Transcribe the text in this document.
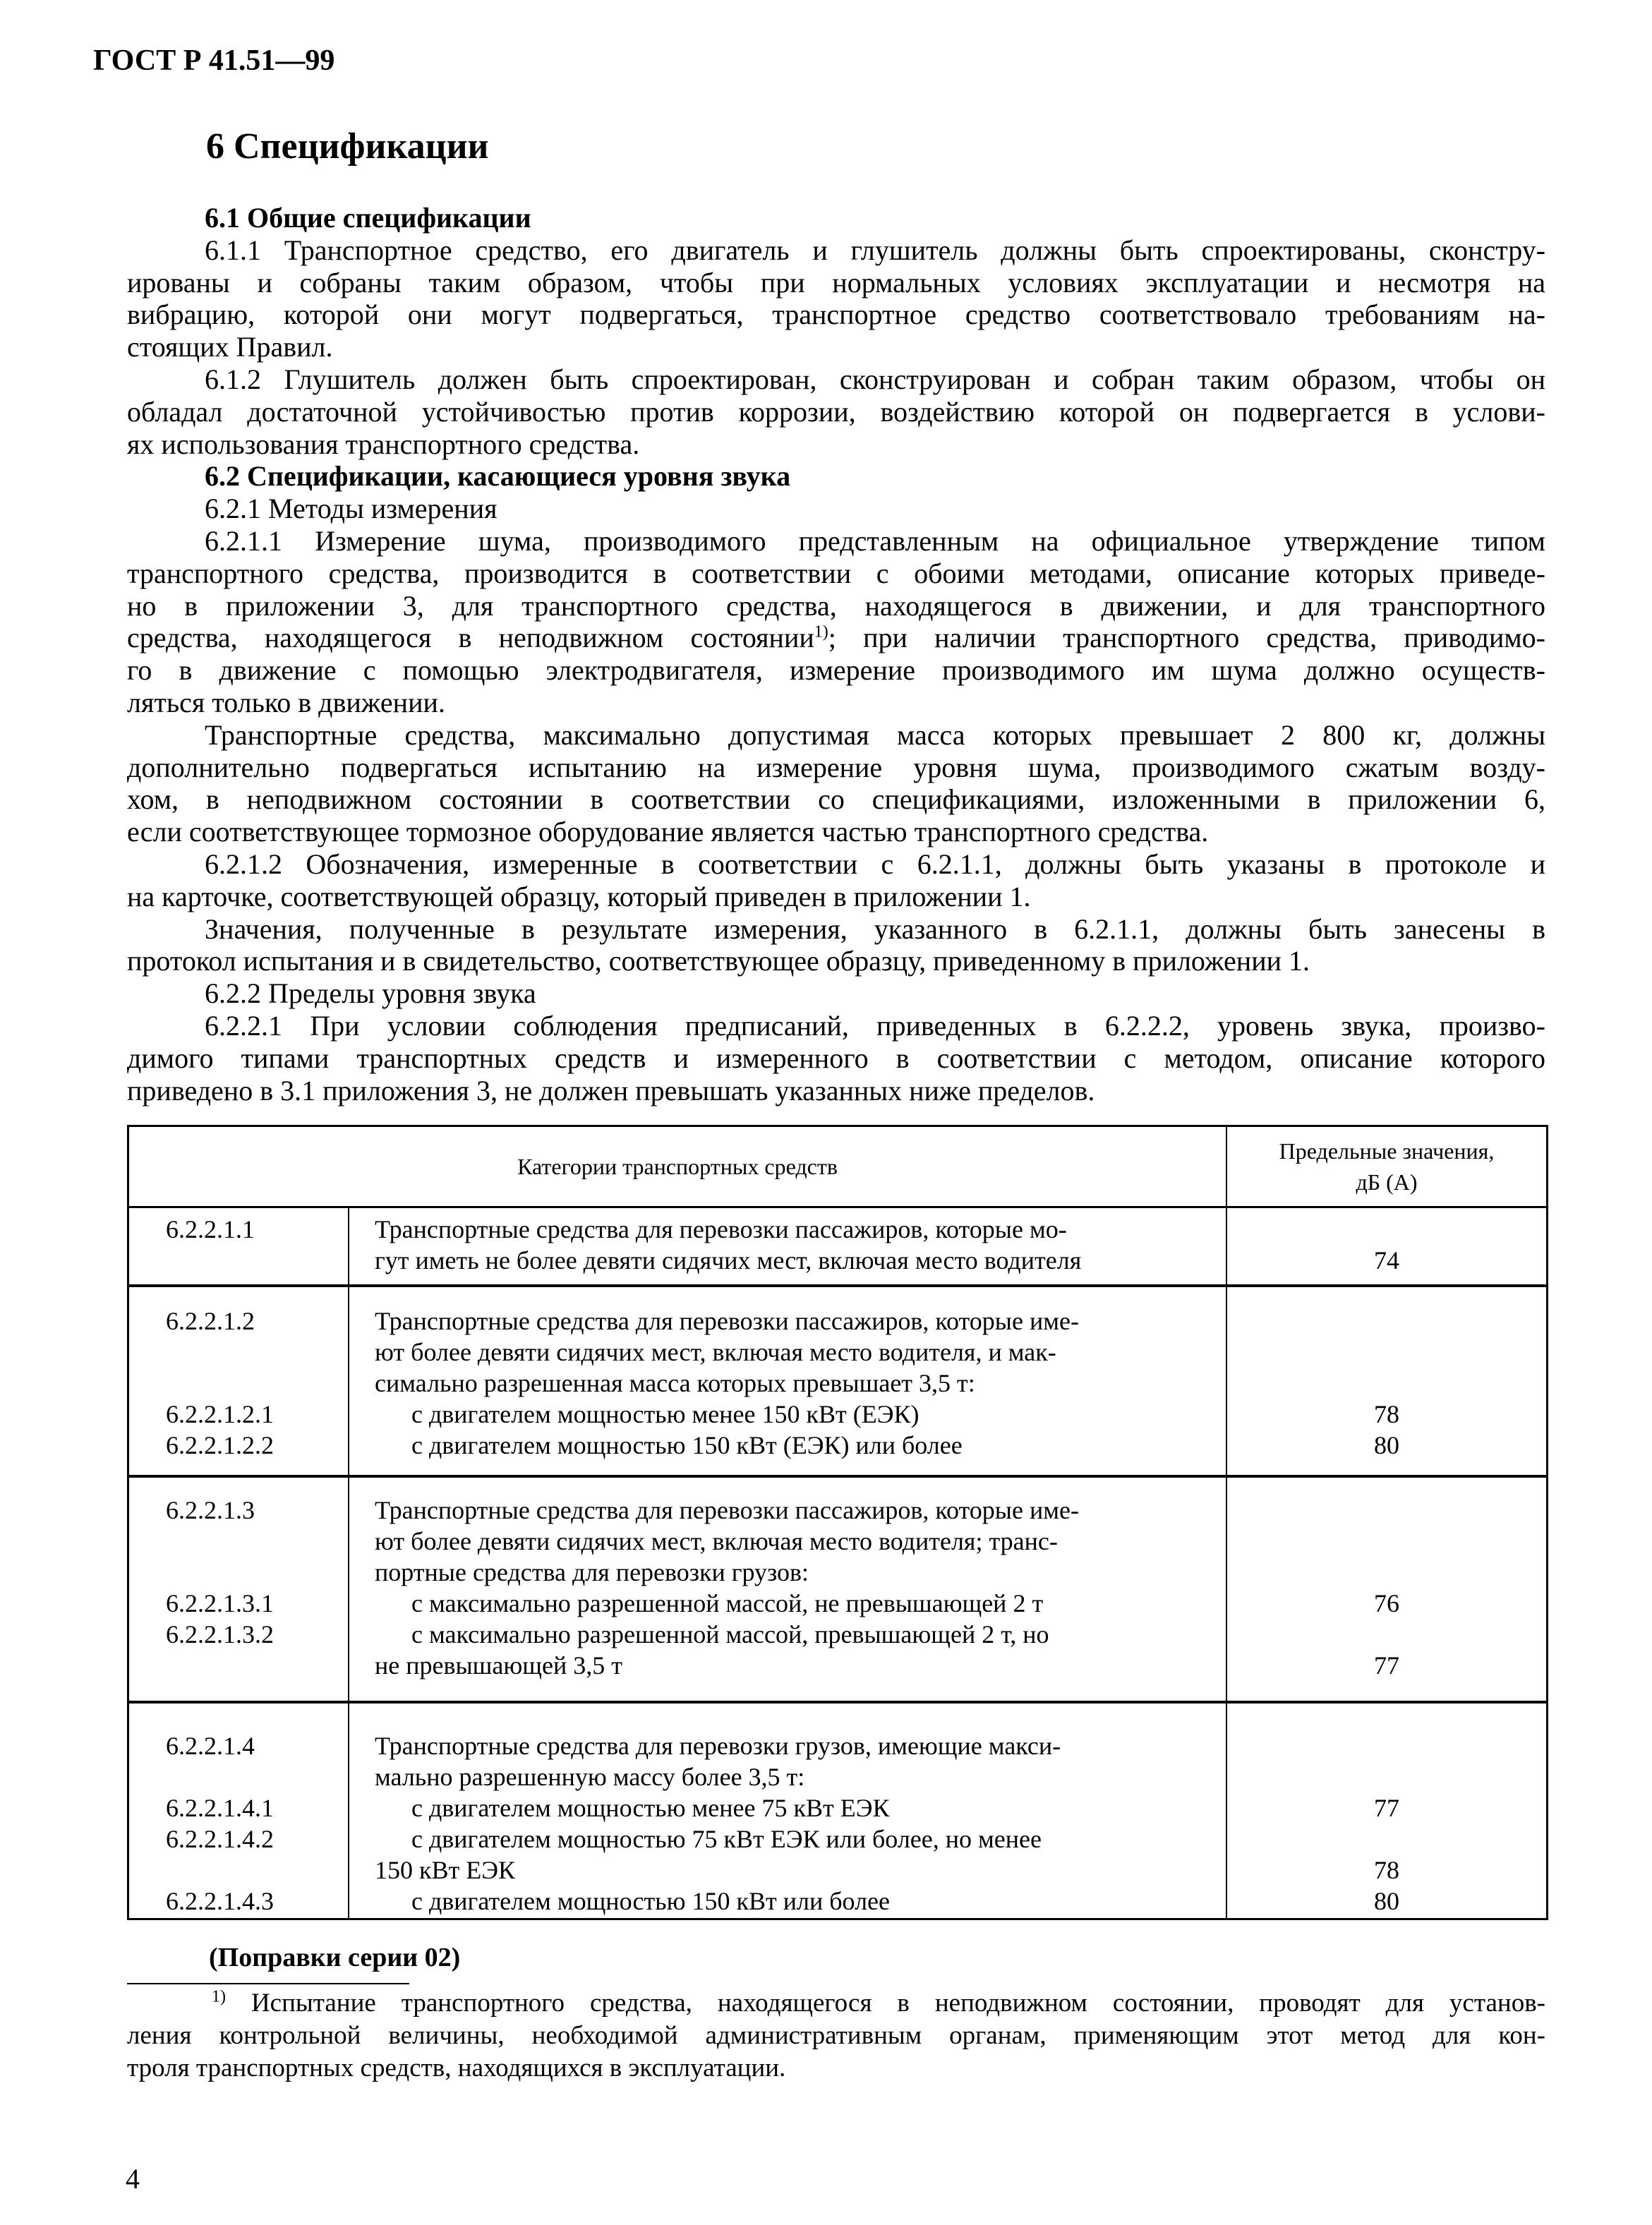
ГОСТ Р 41.51—99
6 Спецификации
6.1 Общие спецификации
6.1.1 Транспортное средство, его двигатель и глушитель должны быть спроектированы, сконстру-
ированы и собраны таким образом, чтобы при нормальных условиях эксплуатации и несмотря на
вибрацию, которой они могут подвергаться, транспортное средство соответствовало требованиям на-
стоящих Правил.
6.1.2 Глушитель должен быть спроектирован, сконструирован и собран таким образом, чтобы он
обладал достаточной устойчивостью против коррозии, воздействию которой он подвергается в услови-
ях использования транспортного средства.
6.2 Спецификации, касающиеся уровня звука
6.2.1 Методы измерения
6.2.1.1 Измерение шума, производимого представленным на официальное утверждение типом
транспортного средства, производится в соответствии с обоими методами, описание которых приведе-
но в приложении 3, для транспортного средства, находящегося в движении, и для транспортного
средства, находящегося в неподвижном состоянии$^{1)}$; при наличии транспортного средства, приводимо-
го в движение с помощью электродвигателя, измерение производимого им шума должно осуществ-
ляться только в движении.
Транспортные средства, максимально допустимая масса которых превышает 2 800 кг, должны
дополнительно подвергаться испытанию на измерение уровня шума, производимого сжатым возду-
хом, в неподвижном состоянии в соответствии со спецификациями, изложенными в приложении 6,
если соответствующее тормозное оборудование является частью транспортного средства.
6.2.1.2 Обозначения, измеренные в соответствии с 6.2.1.1, должны быть указаны в протоколе и
на карточке, соответствующей образцу, который приведен в приложении 1.
Значения, полученные в результате измерения, указанного в 6.2.1.1, должны быть занесены в
протокол испытания и в свидетельство, соответствующее образцу, приведенному в приложении 1.
6.2.2 Пределы уровня звука
6.2.2.1 При условии соблюдения предписаний, приведенных в 6.2.2.2, уровень звука, произво-
димого типами транспортных средств и измеренного в соответствии с методом, описание которого
приведено в 3.1 приложения 3, не должен превышать указанных ниже пределов.
Категории транспортных средств
Предельные значения,
дБ (А)
6.2.2.1.1	Транспортные средства для перевозки пассажиров, которые мо-
гут иметь не более девяти сидячих мест, включая место водителя	74
6.2.2.1.2	Транспортные средства для перевозки пассажиров, которые име-
ют более девяти сидячих мест, включая место водителя, и мак-
симально разрешенная масса которых превышает 3,5 т:
6.2.2.1.2.1	с двигателем мощностью менее 150 кВт (ЕЭК)	78
6.2.2.1.2.2	с двигателем мощностью 150 кВт (ЕЭК) или более	80
6.2.2.1.3	Транспортные средства для перевозки пассажиров, которые име-
ют более девяти сидячих мест, включая место водителя; транс-
портные средства для перевозки грузов:
6.2.2.1.3.1	с максимально разрешенной массой, не превышающей 2 т	76
6.2.2.1.3.2	с максимально разрешенной массой, превышающей 2 т, но
не превышающей 3,5 т	77
6.2.2.1.4	Транспортные средства для перевозки грузов, имеющие макси-
мально разрешенную массу более 3,5 т:
6.2.2.1.4.1	с двигателем мощностью менее 75 кВт ЕЭК	77
6.2.2.1.4.2	с двигателем мощностью 75 кВт ЕЭК или более, но менее
150 кВт ЕЭК	78
6.2.2.1.4.3	с двигателем мощностью 150 кВт или более	80
(Поправки серии 02)
$^{1)}$ Испытание транспортного средства, находящегося в неподвижном состоянии, проводят для установ-
ления контрольной величины, необходимой административным органам, применяющим этот метод для кон-
троля транспортных средств, находящихся в эксплуатации.
4
